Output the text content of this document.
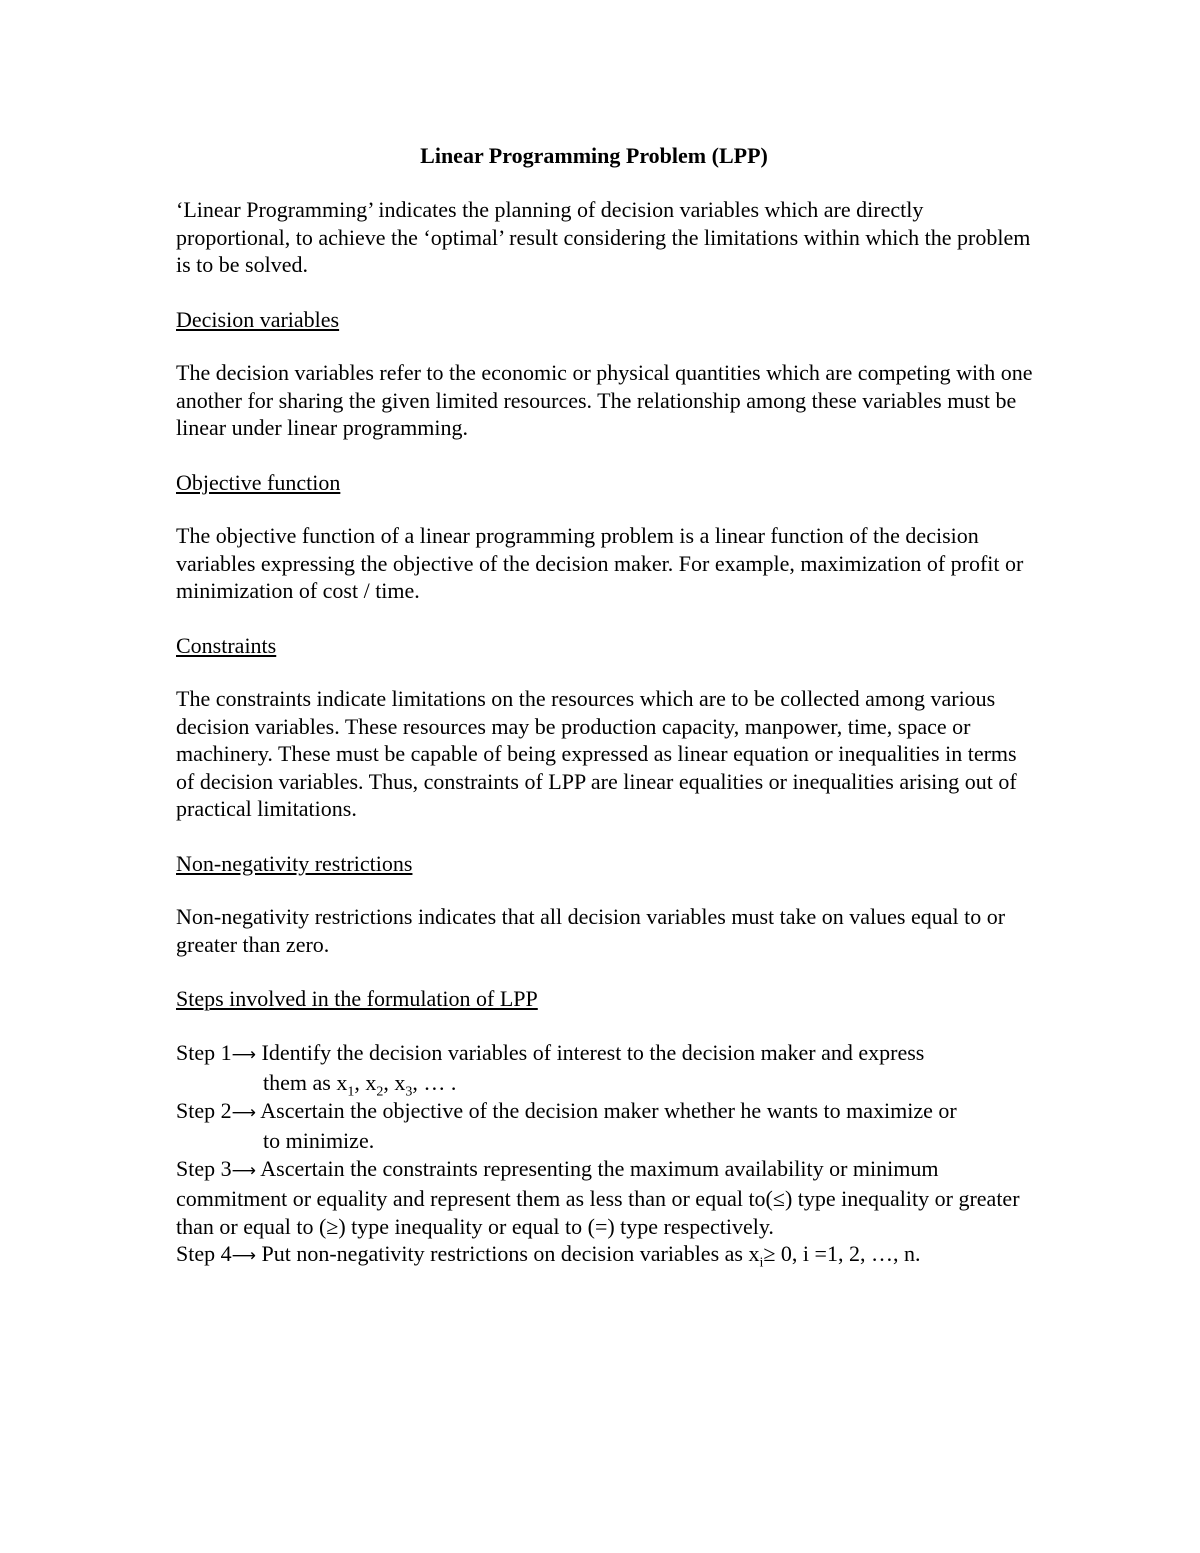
Linear Programming Problem (LPP)

‘Linear Programming’ indicates the planning of decision variables which are directly proportional, to achieve the ‘optimal’ result considering the limitations within which the problem is to be solved.

Decision variables

The decision variables refer to the economic or physical quantities which are competing with one another for sharing the given limited resources. The relationship among these variables must be linear under linear programming.

Objective function

The objective function of a linear programming problem is a linear function of the decision variables expressing the objective of the decision maker. For example, maximization of profit or minimization of cost / time.

Constraints

The constraints indicate limitations on the resources which are to be collected among various decision variables. These resources may be production capacity, manpower, time, space or machinery. These must be capable of being expressed as linear equation or inequalities in terms of decision variables. Thus, constraints of LPP are linear equalities or inequalities arising out of practical limitations.

Non-negativity restrictions

Non-negativity restrictions indicates that all decision variables must take on values equal to or greater than zero.

Steps involved in the formulation of LPP

Step 1⟶ Identify the decision variables of interest to the decision maker and express
them as $x_1$, $x_2$, $x_3$, … .

Step 2⟶ Ascertain the objective of the decision maker whether he wants to maximize or
to minimize.

Step 3⟶ Ascertain the constraints representing the maximum availability or minimum
commitment or equality and represent them as less than or equal to(≤) type inequality or greater than or equal to (≥) type inequality or equal to (=) type respectively.

Step 4⟶ Put non-negativity restrictions on decision variables as $x_i\ge 0$, i =1, 2, …, n.
